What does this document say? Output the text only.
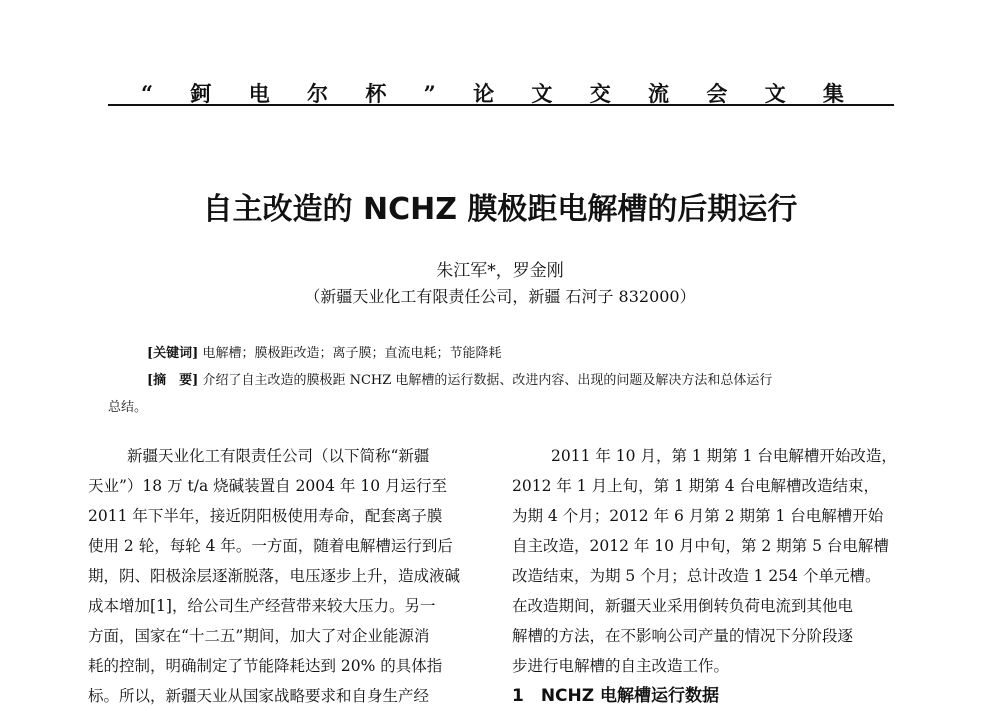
“ 鈳 电 尔 杯 ” 论 文 交 流 会 文 集
自主改造的 NCHZ 膜极距电解槽的后期运行
朱江军*，罗金刚
（新疆天业化工有限责任公司，新疆 石河子 832000）
[关键词] 电解槽；膜极距改造；离子膜；直流电耗；节能降耗
[摘　要] 介绍了自主改造的膜极距 NCHZ 电解槽的运行数据、改进内容、出现的问题及解决方法和总体运行
总结。
新疆天业化工有限责任公司（以下简称“新疆
天业”）18 万 t/a 烧碱装置自 2004 年 10 月运行至
2011 年下半年，接近阴阳极使用寿命，配套离子膜
使用 2 轮，每轮 4 年。一方面，随着电解槽运行到后
期，阴、阳极涂层逐渐脱落，电压逐步上升，造成液碱
成本增加[1]，给公司生产经营带来较大压力。另一
方面，国家在“十二五”期间，加大了对企业能源消
耗的控制，明确制定了节能降耗达到 20% 的具体指
标。所以，新疆天业从国家战略要求和自身生产经
2011 年 10 月，第 1 期第 1 台电解槽开始改造，
2012 年 1 月上旬，第 1 期第 4 台电解槽改造结束，
为期 4 个月；2012 年 6 月第 2 期第 1 台电解槽开始
自主改造，2012 年 10 月中旬，第 2 期第 5 台电解槽
改造结束，为期 5 个月；总计改造 1 254 个单元槽。
在改造期间，新疆天业采用倒转负荷电流到其他电
解槽的方法，在不影响公司产量的情况下分阶段逐
步进行电解槽的自主改造工作。
1　NCHZ 电解槽运行数据
